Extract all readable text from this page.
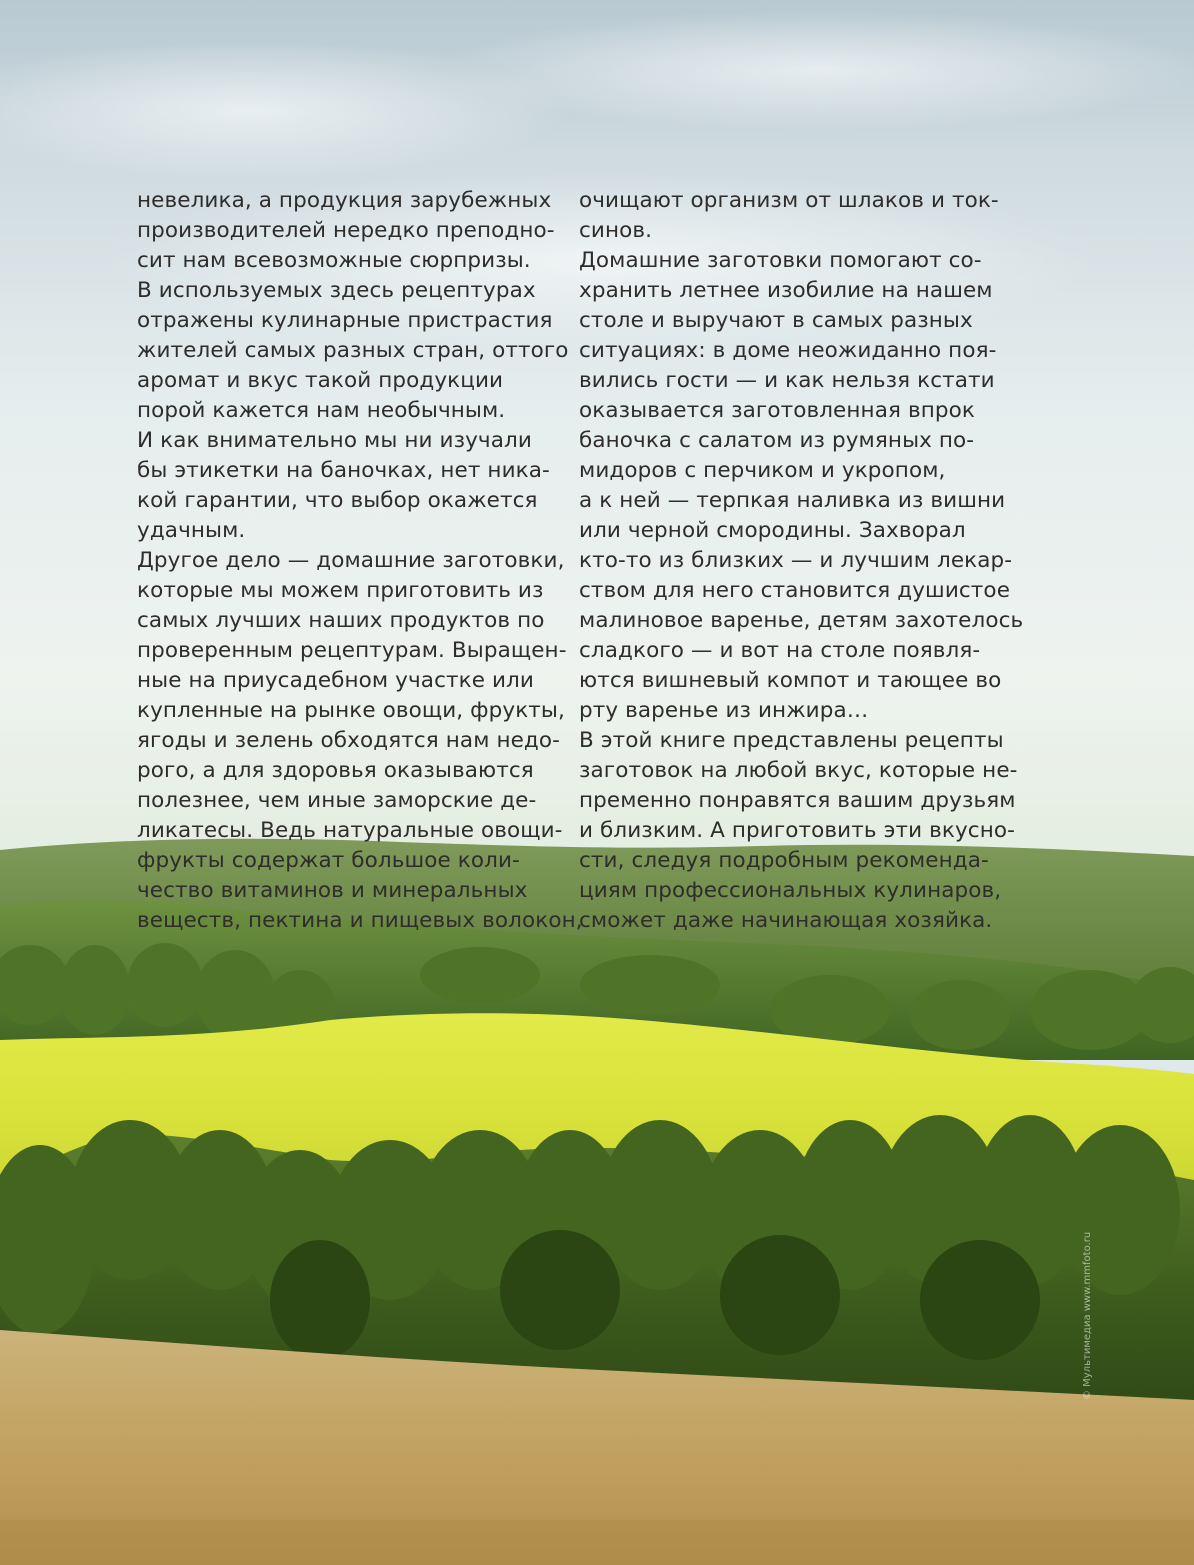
невелика, а продукция зарубежных
производителей нередко преподно-
сит нам всевозможные сюрпризы.

В используемых здесь рецептурах
отражены кулинарные пристрастия
жителей самых разных стран, оттого
аромат и вкус такой продукции
порой кажется нам необычным.

И как внимательно мы ни изучали
бы этикетки на баночках, нет ника-
кой гарантии, что выбор окажется
удачным.

Другое дело — домашние заготовки,
которые мы можем приготовить из
самых лучших наших продуктов по
проверенным рецептурам. Выращен-
ные на приусадебном участке или
купленные на рынке овощи, фрукты,
ягоды и зелень обходятся нам недо-
рого, а для здоровья оказываются
полезнее, чем иные заморские де-
ликатесы. Ведь натуральные овощи-
фрукты содержат большое коли-
чество витаминов и минеральных
веществ, пектина и пищевых волокон,

очищают организм от шлаков и ток-
синов.

Домашние заготовки помогают со-
хранить летнее изобилие на нашем
столе и выручают в самых разных
ситуациях: в доме неожиданно поя-
вились гости — и как нельзя кстати
оказывается заготовленная впрок
баночка с салатом из румяных по-
мидоров с перчиком и укропом,
а к ней — терпкая наливка из вишни
или черной смородины. Захворал
кто-то из близких — и лучшим лекар-
ством для него становится душистое
малиновое варенье, детям захотелось
сладкого — и вот на столе появля-
ются вишневый компот и тающее во
рту варенье из инжира…

В этой книге представлены рецепты
заготовок на любой вкус, которые не-
пременно понравятся вашим друзьям
и близким. А приготовить эти вкусно-
сти, следуя подробным рекоменда-
циям профессиональных кулинаров,
сможет даже начинающая хозяйка.

© Мультимедиа www.mmfoto.ru
